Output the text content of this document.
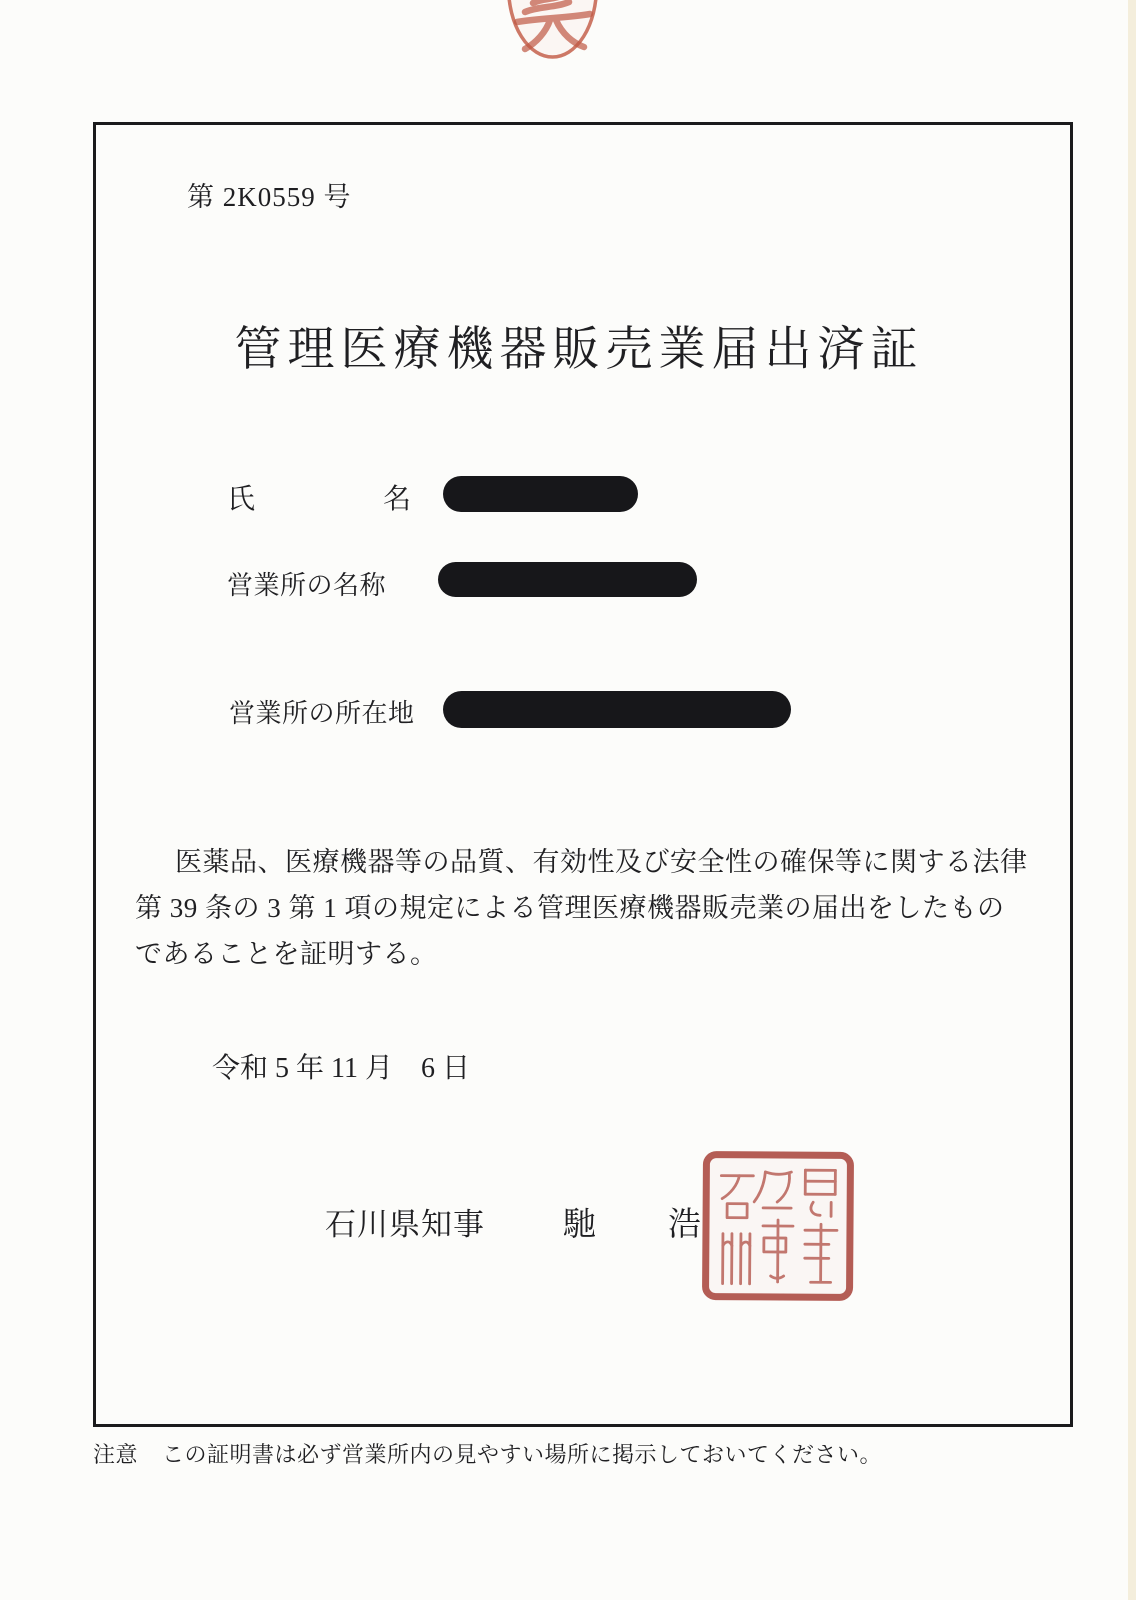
第 2K0559 号
管理医療機器販売業届出済証
氏	名
営業所の名称
営業所の所在地
医薬品、医療機器等の品質、有効性及び安全性の確保等に関する法律
第 39 条の 3 第 1 項の規定による管理医療機器販売業の届出をしたもの
であることを証明する。
令和 5 年 11 月　6 日
石川県知事 馳 浩
注意 この証明書は必ず営業所内の見やすい場所に掲示しておいてください。
